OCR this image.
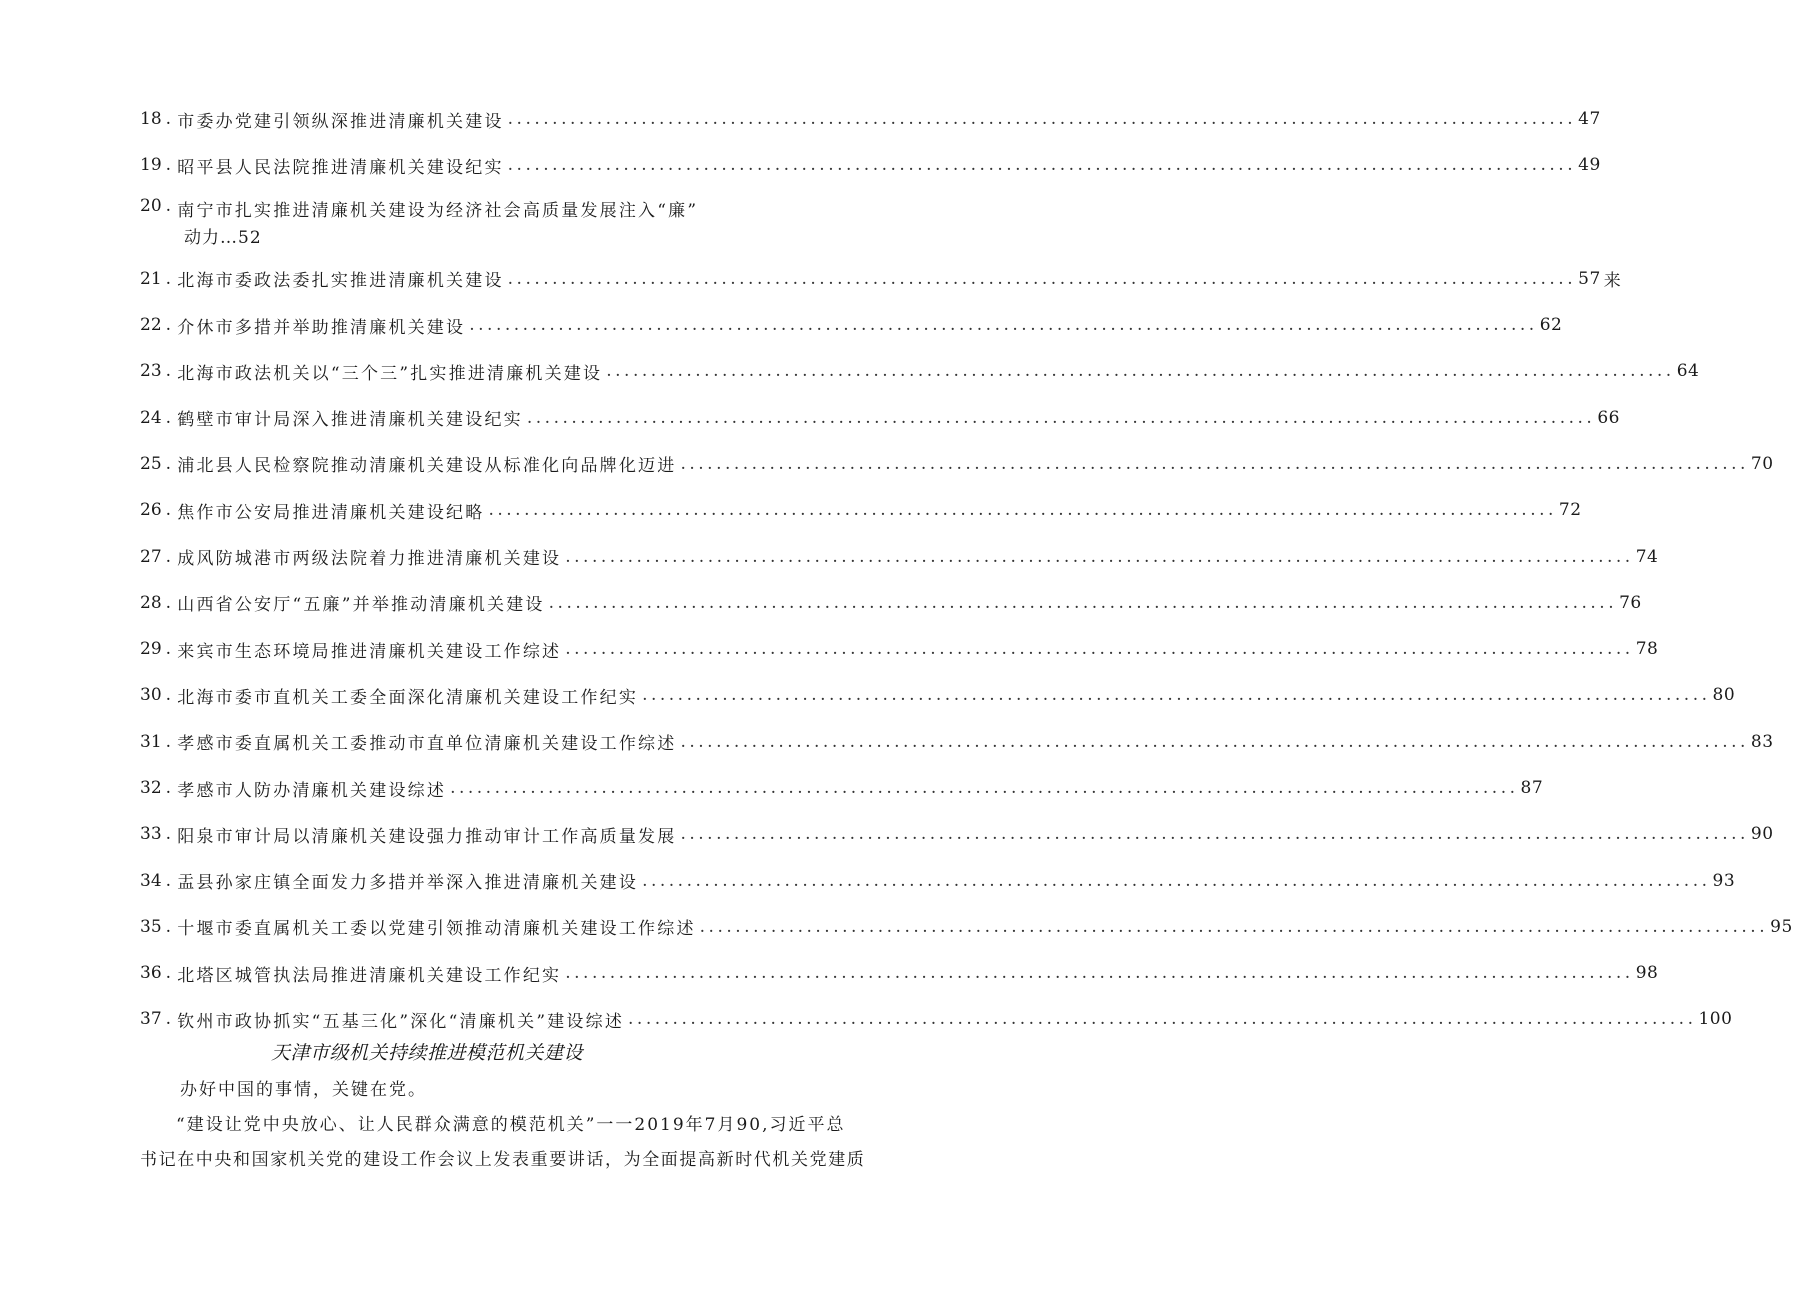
18 . 市委办党建引领纵深推进清廉机关建设 ........................................................................................................................ 47
19 . 昭平县人民法院推进清廉机关建设纪实 ........................................................................................................................ 49
20 . 南宁市扎实推进清廉机关建设为经济社会高质量发展注入“廉”
动力…52
21 . 北海市委政法委扎实推进清廉机关建设 ........................................................................................................................ 57 来
22 . 介休市多措并举助推清廉机关建设 ........................................................................................................................ 62
23 . 北海市政法机关以“三个三”扎实推进清廉机关建设 ........................................................................................................................ 64
24 . 鹤壁市审计局深入推进清廉机关建设纪实 ........................................................................................................................ 66
25 . 浦北县人民检察院推动清廉机关建设从标准化向品牌化迈进 ........................................................................................................................ 70
26 . 焦作市公安局推进清廉机关建设纪略 ........................................................................................................................ 72
27 . 成风防城港市两级法院着力推进清廉机关建设 ........................................................................................................................ 74
28 . 山西省公安厅“五廉”并举推动清廉机关建设 ........................................................................................................................ 76
29 . 来宾市生态环境局推进清廉机关建设工作综述 ........................................................................................................................ 78
30 . 北海市委市直机关工委全面深化清廉机关建设工作纪实 ........................................................................................................................ 80
31 . 孝感市委直属机关工委推动市直单位清廉机关建设工作综述 ........................................................................................................................ 83
32 . 孝感市人防办清廉机关建设综述 ........................................................................................................................ 87
33 . 阳泉市审计局以清廉机关建设强力推动审计工作高质量发展 ........................................................................................................................ 90
34 . 盂县孙家庄镇全面发力多措并举深入推进清廉机关建设 ........................................................................................................................ 93
35 . 十堰市委直属机关工委以党建引领推动清廉机关建设工作综述 ........................................................................................................................ 95
36 . 北塔区城管执法局推进清廉机关建设工作纪实 ........................................................................................................................ 98
37 . 钦州市政协抓实“五基三化”深化“清廉机关”建设综述 ........................................................................................................................ 100
天津市级机关持续推进模范机关建设
办好中国的事情，关键在党。
“建设让党中央放心、让人民群众满意的模范机关”一一2019年7月90,习近平总
书记在中央和国家机关党的建设工作会议上发表重要讲话，为全面提高新时代机关党建质
